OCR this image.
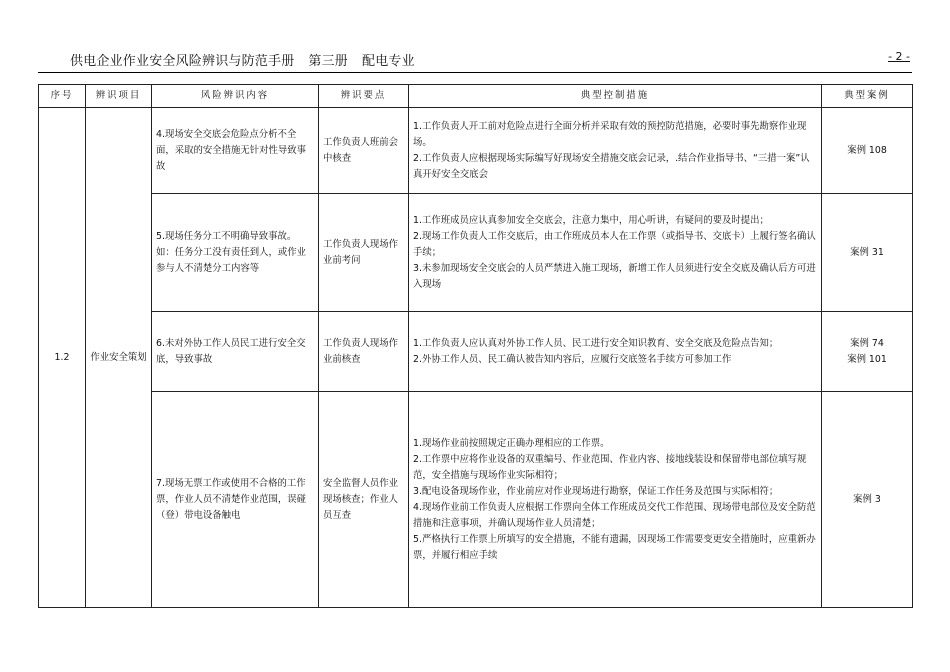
供电企业作业安全风险辨识与防范手册 第三册 配电专业	- 2 -
序号	辨识项目	风险辨识内容	辨识要点	典型控制措施	典型案例
1.2	作业安全策划	4.现场安全交底会危险点分析不全面，采取的安全措施无针对性导致事故	工作负责人班前会中核查	1.工作负责人开工前对危险点进行全面分析并采取有效的预控防范措施，必要时事先勘察作业现场。
2.工作负责人应根据现场实际编写好现场安全措施交底会记录，.结合作业指导书、“三措一案”认真开好安全交底会	案例 108

		5.现场任务分工不明确导致事故。如：任务分工没有责任到人，或作业参与人不清楚分工内容等	工作负责人现场作业前考问	1.工作班成员应认真参加安全交底会，注意力集中，用心听讲，有疑问的要及时提出；
2.现场工作负责人工作交底后，由工作班成员本人在工作票（或指导书、交底卡）上履行签名确认手续；
3.未参加现场安全交底会的人员严禁进入施工现场，新增工作人员须进行安全交底及确认后方可进入现场	案例 31

		6.未对外协工作人员民工进行安全交底，导致事故	工作负责人现场作业前核查	1.工作负责人应认真对外协工作人员、民工进行安全知识教育、安全交底及危险点告知；
2.外协工作人员、民工确认被告知内容后，应履行交底签名手续方可参加工作	案例 74
案例 101

		7.现场无票工作或使用不合格的工作票，作业人员不清楚作业范围，误碰（登）带电设备触电	安全监督人员作业现场核查；作业人员互查	1.现场作业前按照规定正确办理相应的工作票。
2.工作票中应将作业设备的双重编号、作业范围、作业内容、接地线装设和保留带电部位填写规范，安全措施与现场作业实际相符；
3.配电设备现场作业，作业前应对作业现场进行勘察，保证工作任务及范围与实际相符；
4.现场作业前工作负责人应根据工作票向全体工作班成员交代工作范围、现场带电部位及安全防范措施和注意事项，并确认现场作业人员清楚；
5.严格执行工作票上所填写的安全措施，不能有遗漏，因现场工作需要变更安全措施时，应重新办票，并履行相应手续	案例 3
